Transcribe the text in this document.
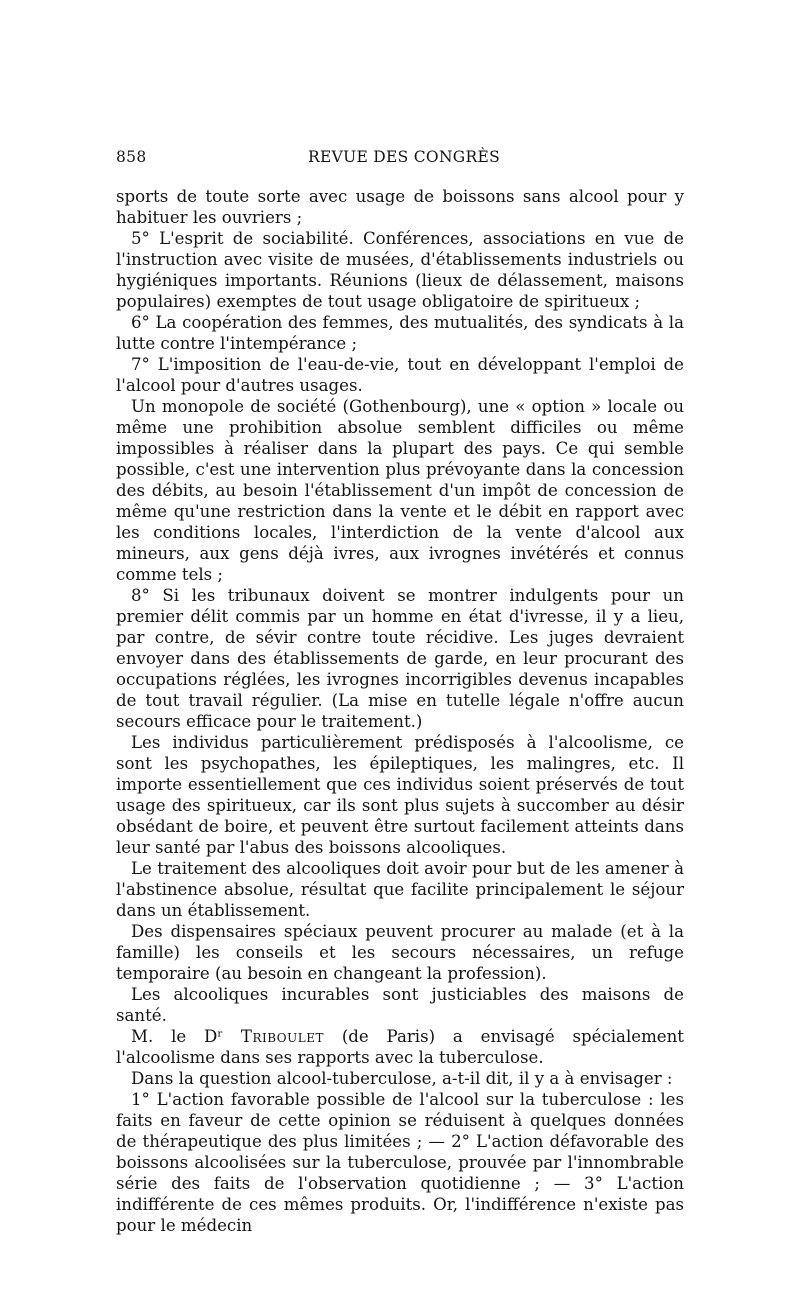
858	REVUE DES CONGRÈS

sports de toute sorte avec usage de boissons sans alcool pour y habituer les ouvriers ;

5° L'esprit de sociabilité. Conférences, associations en vue de l'instruction avec visite de musées, d'établissements industriels ou hygiéniques importants. Réunions (lieux de délassement, maisons populaires) exemptes de tout usage obligatoire de spiritueux ;

6° La coopération des femmes, des mutualités, des syndicats à la lutte contre l'intempérance ;

7° L'imposition de l'eau-de-vie, tout en développant l'emploi de l'alcool pour d'autres usages.

Un monopole de société (Gothenbourg), une « option » locale ou même une prohibition absolue semblent difficiles ou même impossibles à réaliser dans la plupart des pays. Ce qui semble possible, c'est une intervention plus prévoyante dans la concession des débits, au besoin l'établissement d'un impôt de concession de même qu'une restriction dans la vente et le débit en rapport avec les conditions locales, l'interdiction de la vente d'alcool aux mineurs, aux gens déjà ivres, aux ivrognes invétérés et connus comme tels ;

8° Si les tribunaux doivent se montrer indulgents pour un premier délit commis par un homme en état d'ivresse, il y a lieu, par contre, de sévir contre toute récidive. Les juges devraient envoyer dans des établissements de garde, en leur procurant des occupations réglées, les ivrognes incorrigibles devenus incapables de tout travail régulier. (La mise en tutelle légale n'offre aucun secours efficace pour le traitement.)

Les individus particulièrement prédisposés à l'alcoolisme, ce sont les psychopathes, les épileptiques, les malingres, etc. Il importe essentiellement que ces individus soient préservés de tout usage des spiritueux, car ils sont plus sujets à succomber au désir obsédant de boire, et peuvent être surtout facilement atteints dans leur santé par l'abus des boissons alcooliques.

Le traitement des alcooliques doit avoir pour but de les amener à l'abstinence absolue, résultat que facilite principalement le séjour dans un établissement.

Des dispensaires spéciaux peuvent procurer au malade (et à la famille) les conseils et les secours nécessaires, un refuge temporaire (au besoin en changeant la profession).

Les alcooliques incurables sont justiciables des maisons de santé.

M. le Dʳ Triboulet (de Paris) a envisagé spécialement l'alcoolisme dans ses rapports avec la tuberculose.

Dans la question alcool-tuberculose, a-t-il dit, il y a à envisager :

1° L'action favorable possible de l'alcool sur la tuberculose : les faits en faveur de cette opinion se réduisent à quelques données de thérapeutique des plus limitées ; — 2° L'action défavorable des boissons alcoolisées sur la tuberculose, prouvée par l'innombrable série des faits de l'observation quotidienne ; — 3° L'action indifférente de ces mêmes produits. Or, l'indifférence n'existe pas pour le médecin
